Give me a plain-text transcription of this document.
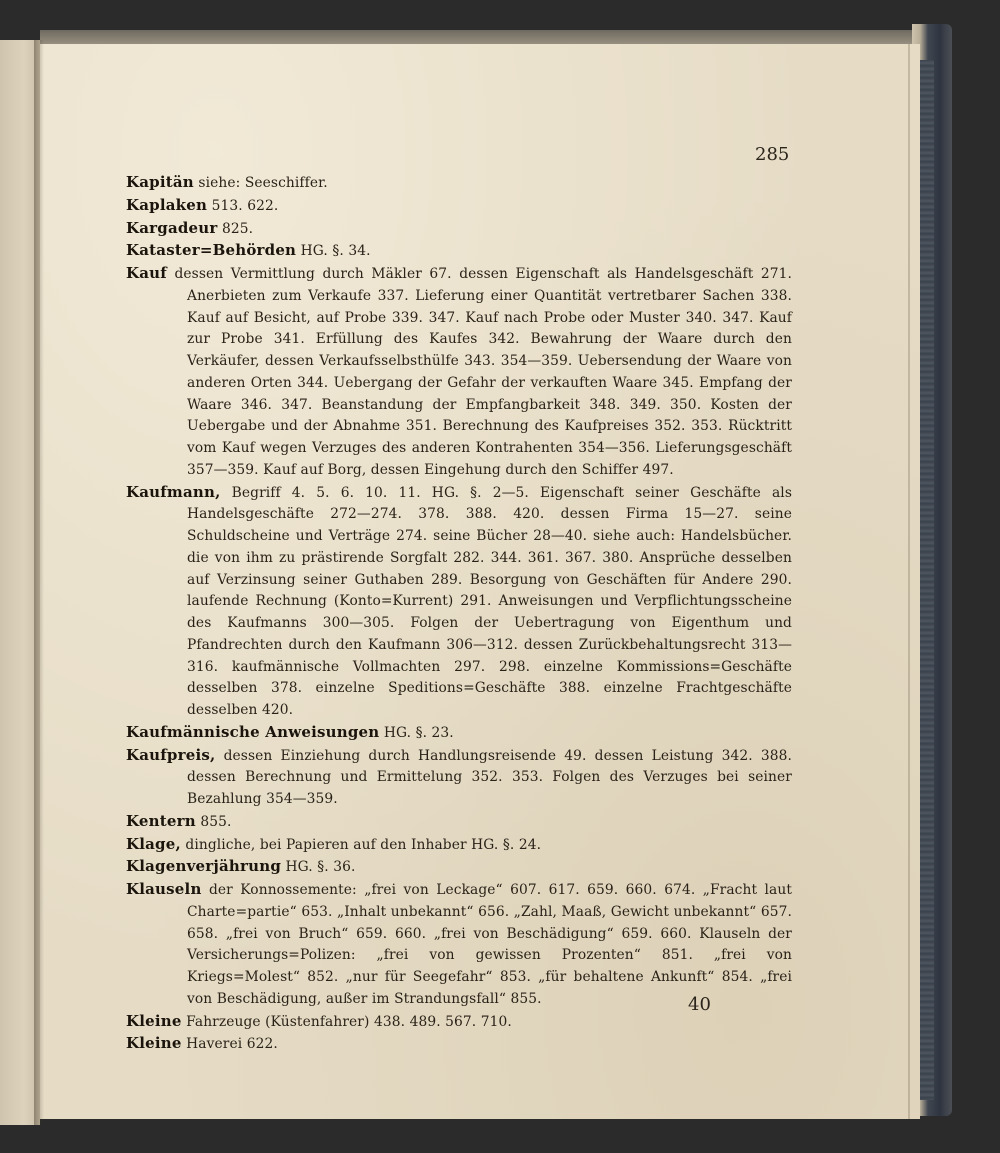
285
Kapitän siehe: Seeschiffer.
Kaplaken 513. 622.
Kargadeur 825.
Kataster=Behörden HG. §. 34.
Kauf dessen Vermittlung durch Mäkler 67. dessen Eigenschaft als Handelsgeschäft 271. Anerbieten zum Verkaufe 337. Lieferung einer Quantität vertretbarer Sachen 338. Kauf auf Besicht, auf Probe 339. 347. Kauf nach Probe oder Muster 340. 347. Kauf zur Probe 341. Erfüllung des Kaufes 342. Bewahrung der Waare durch den Verkäufer, dessen Verkaufsselbsthülfe 343. 354—359. Uebersendung der Waare von anderen Orten 344. Uebergang der Gefahr der verkauften Waare 345. Empfang der Waare 346. 347. Beanstandung der Empfangbarkeit 348. 349. 350. Kosten der Uebergabe und der Abnahme 351. Berechnung des Kaufpreises 352. 353. Rücktritt vom Kauf wegen Verzuges des anderen Kontrahenten 354—356. Lieferungsgeschäft 357—359. Kauf auf Borg, dessen Eingehung durch den Schiffer 497.
Kaufmann, Begriff 4. 5. 6. 10. 11. HG. §. 2—5. Eigenschaft seiner Geschäfte als Handelsgeschäfte 272—274. 378. 388. 420. dessen Firma 15—27. seine Schuldscheine und Verträge 274. seine Bücher 28—40. siehe auch: Handelsbücher. die von ihm zu prästirende Sorgfalt 282. 344. 361. 367. 380. Ansprüche desselben auf Verzinsung seiner Guthaben 289. Besorgung von Geschäften für Andere 290. laufende Rechnung (Konto=Kurrent) 291. Anweisungen und Verpflichtungsscheine des Kaufmanns 300—305. Folgen der Uebertragung von Eigenthum und Pfandrechten durch den Kaufmann 306—312. dessen Zurückbehaltungsrecht 313—316. kaufmännische Vollmachten 297. 298. einzelne Kommissions=Geschäfte desselben 378. einzelne Speditions=Geschäfte 388. einzelne Frachtgeschäfte desselben 420.
Kaufmännische Anweisungen HG. §. 23.
Kaufpreis, dessen Einziehung durch Handlungsreisende 49. dessen Leistung 342. 388. dessen Berechnung und Ermittelung 352. 353. Folgen des Verzuges bei seiner Bezahlung 354—359.
Kentern 855.
Klage, dingliche, bei Papieren auf den Inhaber HG. §. 24.
Klagenverjährung HG. §. 36.
Klauseln der Konnossemente: „frei von Leckage“ 607. 617. 659. 660. 674. „Fracht laut Charte=partie“ 653. „Inhalt unbekannt“ 656. „Zahl, Maaß, Gewicht unbekannt“ 657. 658. „frei von Bruch“ 659. 660. „frei von Beschädigung“ 659. 660. Klauseln der Versicherungs=Polizen: „frei von gewissen Prozenten“ 851. „frei von Kriegs=Molest“ 852. „nur für Seegefahr“ 853. „für behaltene Ankunft“ 854. „frei von Beschädigung, außer im Strandungsfall“ 855.
Kleine Fahrzeuge (Küstenfahrer) 438. 489. 567. 710.
Kleine Haverei 622.
40
